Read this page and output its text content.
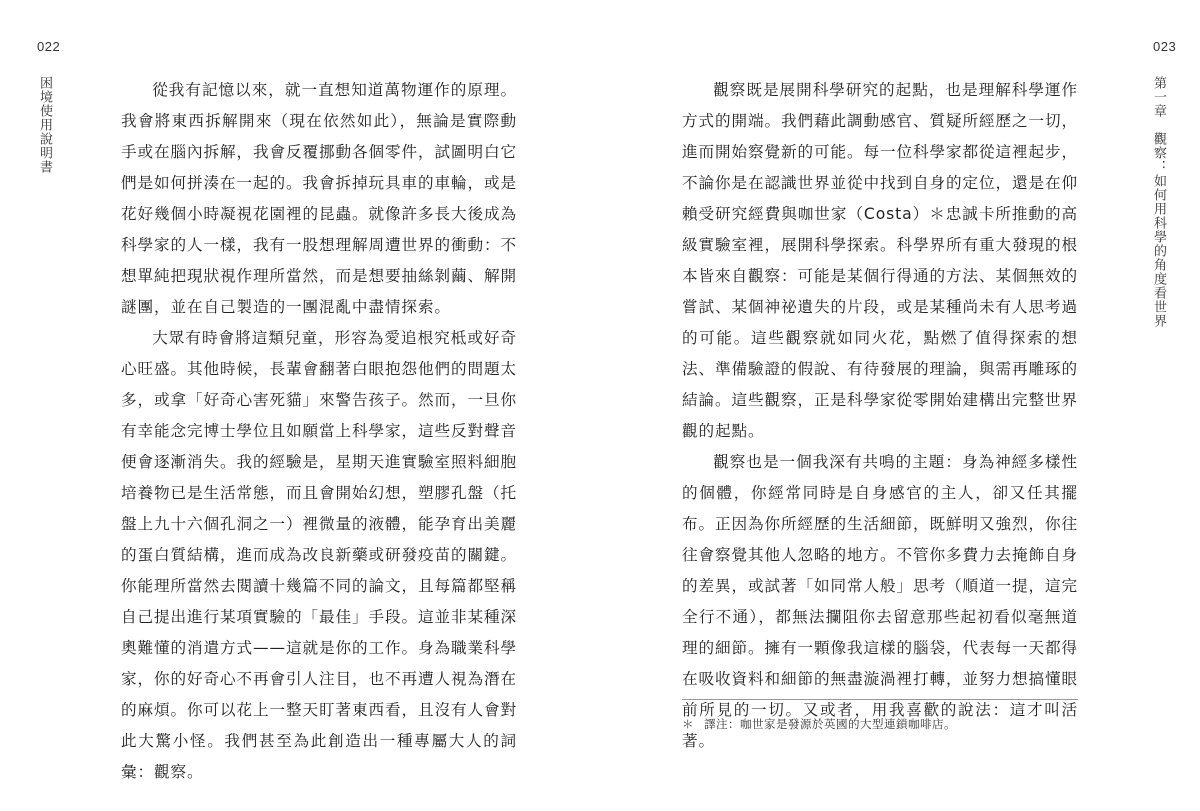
022
困境使用說明書	從我有記憶以來，就一直想知道萬物運作的原理。我會將東西拆解開來（現在依然如此），無論是實際動手或在腦內拆解，我會反覆挪動各個零件，試圖明白它們是如何拼湊在一起的。我會拆掉玩具車的車輪，或是花好幾個小時凝視花園裡的昆蟲。就像許多長大後成為科學家的人一樣，我有一股想理解周遭世界的衝動：不想單純把現狀視作理所當然，而是想要抽絲剝繭、解開謎團，並在自己製造的一團混亂中盡情探索。

大眾有時會將這類兒童，形容為愛追根究柢或好奇心旺盛。其他時候，長輩會翻著白眼抱怨他們的問題太多，或拿「好奇心害死貓」來警告孩子。然而，一旦你有幸能念完博士學位且如願當上科學家，這些反對聲音便會逐漸消失。我的經驗是，星期天進實驗室照料細胞培養物已是生活常態，而且會開始幻想，塑膠孔盤（托盤上九十六個孔洞之一）裡微量的液體，能孕育出美麗的蛋白質結構，進而成為改良新藥或研發疫苗的關鍵。你能理所當然去閱讀十幾篇不同的論文，且每篇都堅稱自己提出進行某項實驗的「最佳」手段。這並非某種深奧難懂的消遣方式——這就是你的工作。身為職業科學家，你的好奇心不再會引人注目，也不再遭人視為潛在的麻煩。你可以花上一整天盯著東西看，且沒有人會對此大驚小怪。我們甚至為此創造出一種專屬大人的詞彙：觀察。

023
第一章　觀察：如何用科學的角度看世界

觀察既是展開科學研究的起點，也是理解科學運作方式的開端。我們藉此調動感官、質疑所經歷之一切，進而開始察覺新的可能。每一位科學家都從這裡起步，不論你是在認識世界並從中找到自身的定位，還是在仰賴受研究經費與咖世家（Costa）＊忠誠卡所推動的高級實驗室裡，展開科學探索。科學界所有重大發現的根本皆來自觀察：可能是某個行得通的方法、某個無效的嘗試、某個神祕遺失的片段，或是某種尚未有人思考過的可能。這些觀察就如同火花，點燃了值得探索的想法、準備驗證的假說、有待發展的理論，與需再雕琢的結論。這些觀察，正是科學家從零開始建構出完整世界觀的起點。

觀察也是一個我深有共鳴的主題：身為神經多樣性的個體，你經常同時是自身感官的主人，卻又任其擺布。正因為你所經歷的生活細節，既鮮明又強烈，你往往會察覺其他人忽略的地方。不管你多費力去掩飾自身的差異，或試著「如同常人般」思考（順道一提，這完全行不通），都無法攔阻你去留意那些起初看似毫無道理的細節。擁有一顆像我這樣的腦袋，代表每一天都得在吸收資料和細節的無盡漩渦裡打轉，並努力想搞懂眼前所見的一切。又或者，用我喜歡的說法：這才叫活著。

＊ 譯注：咖世家是發源於英國的大型連鎖咖啡店。
